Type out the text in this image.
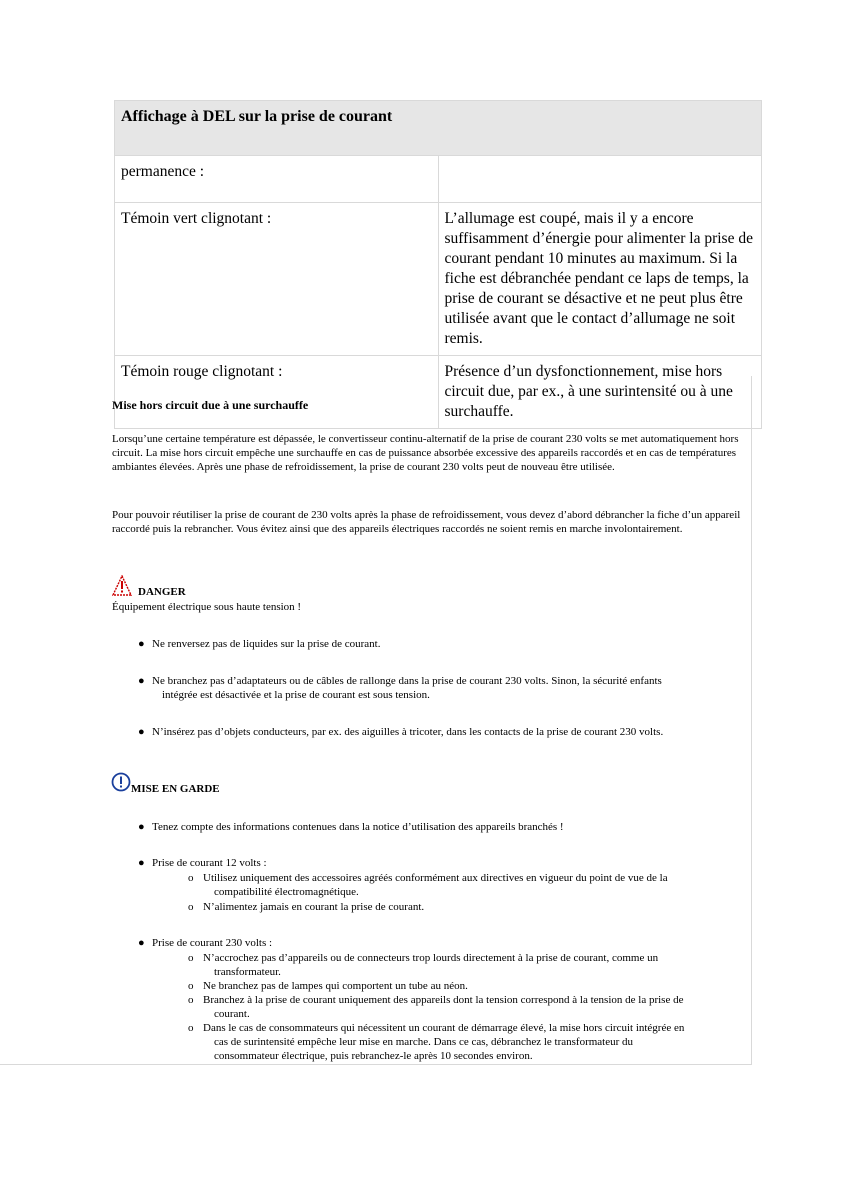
Affichage à DEL sur la prise de courant	
permanence :	
Témoin vert clignotant :	L’allumage est coupé, mais il y a encore suffisamment d’énergie pour alimenter la prise de courant pendant 10 minutes au maximum. Si la fiche est débranchée pendant ce laps de temps, la prise de courant se désactive et ne peut plus être utilisée avant que le contact d’allumage ne soit remis.
Témoin rouge clignotant :	Présence d’un dysfonctionnement, mise hors circuit due, par ex., à une surintensité ou à une surchauffe.
Mise hors circuit due à une surchauffe
Lorsqu’une certaine température est dépassée, le convertisseur continu-alternatif de la prise de courant 230 volts se met automatiquement hors circuit. La mise hors circuit empêche une surchauffe en cas de puissance absorbée excessive des appareils raccordés et en cas de températures ambiantes élevées. Après une phase de refroidissement, la prise de courant 230 volts peut de nouveau être utilisée.
Pour pouvoir réutiliser la prise de courant de 230 volts après la phase de refroidissement, vous devez d’abord débrancher la fiche d’un appareil raccordé puis la rebrancher. Vous évitez ainsi que des appareils électriques raccordés ne soient remis en marche involontairement.
DANGER
Équipement électrique sous haute tension !
● Ne renversez pas de liquides sur la prise de courant.
● Ne branchez pas d’adaptateurs ou de câbles de rallonge dans la prise de courant 230 volts. Sinon, la sécurité enfants
intégrée est désactivée et la prise de courant est sous tension.
● N’insérez pas d’objets conducteurs, par ex. des aiguilles à tricoter, dans les contacts de la prise de courant 230 volts.
MISE EN GARDE
● Tenez compte des informations contenues dans la notice d’utilisation des appareils branchés !
● Prise de courant 12 volts :
o Utilisez uniquement des accessoires agréés conformément aux directives en vigueur du point de vue de la
compatibilité électromagnétique.
o N’alimentez jamais en courant la prise de courant.
● Prise de courant 230 volts :
o N’accrochez pas d’appareils ou de connecteurs trop lourds directement à la prise de courant, comme un
transformateur.
o Ne branchez pas de lampes qui comportent un tube au néon.
o Branchez à la prise de courant uniquement des appareils dont la tension correspond à la tension de la prise de
courant.
o Dans le cas de consommateurs qui nécessitent un courant de démarrage élevé, la mise hors circuit intégrée en
cas de surintensité empêche leur mise en marche. Dans ce cas, débranchez le transformateur du
consommateur électrique, puis rebranchez-le après 10 secondes environ.
